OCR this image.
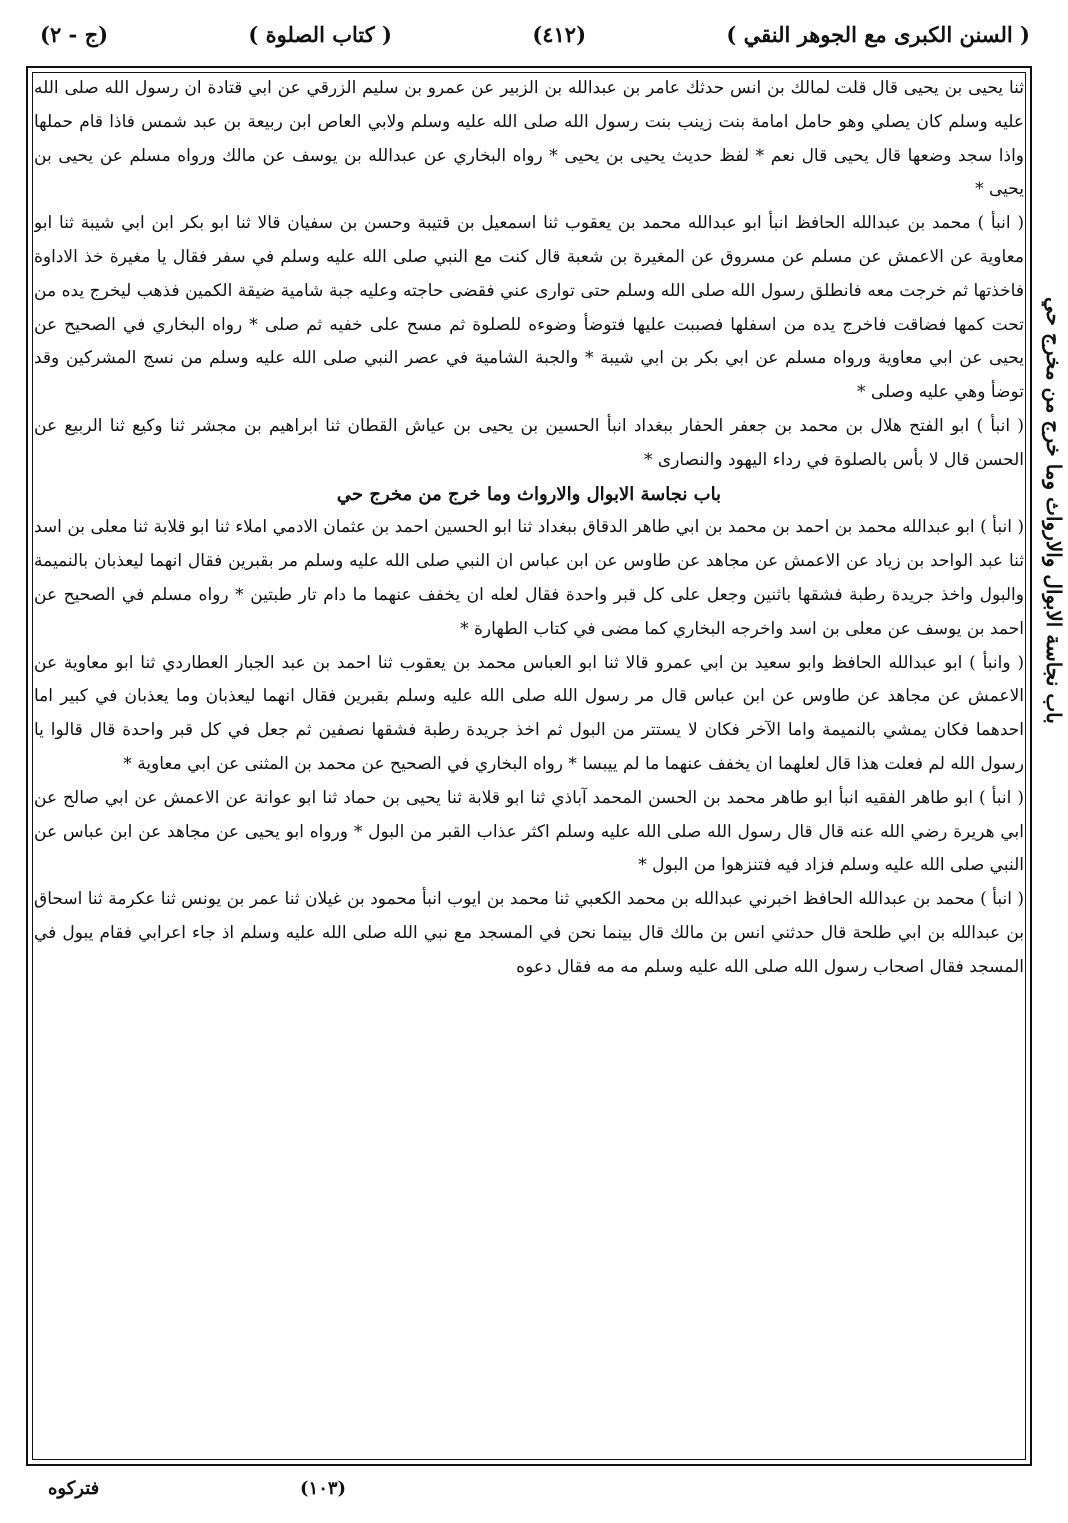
( السنن الكبرى مع الجوهر النقي )
(٤١٢)
( كتاب الصلوة )
(ج - ٢)
باب نجاسة الابوال والارواث وما خرج من مخرج حي

ثنا يحيى بن يحيى قال قلت لمالك بن انس حدثك عامر بن عبدالله بن الزبير عن عمرو بن سليم الزرقي عن ابي قتادة ان رسول الله صلى الله عليه وسلم كان يصلي وهو حامل امامة بنت زينب بنت رسول الله صلى الله عليه وسلم ولابي العاص ابن ربيعة بن عبد شمس فاذا قام حملها واذا سجد وضعها قال يحيى قال نعم * لفظ حديث يحيى بن يحيى * رواه البخاري عن عبدالله بن يوسف عن مالك ورواه مسلم عن يحيى بن يحيى *

( انبأ ) محمد بن عبدالله الحافظ انبأ ابو عبدالله محمد بن يعقوب ثنا اسمعيل بن قتيبة وحسن بن سفيان قالا ثنا ابو بكر ابن ابي شيبة ثنا ابو معاوية عن الاعمش عن مسلم عن مسروق عن المغيرة بن شعبة قال كنت مع النبي صلى الله عليه وسلم في سفر فقال يا مغيرة خذ الاداوة فاخذتها ثم خرجت معه فانطلق رسول الله صلى الله وسلم حتى توارى عني فقضى حاجته وعليه جبة شامية ضيقة الكمين فذهب ليخرج يده من تحت كمها فضاقت فاخرج يده من اسفلها فصببت عليها فتوضأ وضوءه للصلوة ثم مسح على خفيه ثم صلى * رواه البخاري في الصحيح عن يحيى عن ابي معاوية ورواه مسلم عن ابي بكر بن ابي شيبة * والجبة الشامية في عصر النبي صلى الله عليه وسلم من نسج المشركين وقد توضأ وهي عليه وصلى *

( انبأ ) ابو الفتح هلال بن محمد بن جعفر الحفار ببغداد انبأ الحسين بن يحيى بن عياش القطان ثنا ابراهيم بن مجشر ثنا وكيع ثنا الربيع عن الحسن قال لا بأس بالصلوة في رداء اليهود والنصارى *

باب نجاسة الابوال والارواث وما خرج من مخرج حي

( انبأ ) ابو عبدالله محمد بن احمد بن محمد بن ابي طاهر الدقاق ببغداد ثنا ابو الحسين احمد بن عثمان الادمي املاء ثنا ابو قلابة ثنا معلى بن اسد ثنا عبد الواحد بن زياد عن الاعمش عن مجاهد عن طاوس عن ابن عباس ان النبي صلى الله عليه وسلم مر بقبرين فقال انهما ليعذبان بالنميمة والبول واخذ جريدة رطبة فشقها باثنين وجعل على كل قبر واحدة فقال لعله ان يخفف عنهما ما دام تار طبتين * رواه مسلم في الصحيح عن احمد بن يوسف عن معلى بن اسد واخرجه البخاري كما مضى في كتاب الطهارة *

( وانبأ ) ابو عبدالله الحافظ وابو سعيد بن ابي عمرو قالا ثنا ابو العباس محمد بن يعقوب ثنا احمد بن عبد الجبار العطاردي ثنا ابو معاوية عن الاعمش عن مجاهد عن طاوس عن ابن عباس قال مر رسول الله صلى الله عليه وسلم بقبرين فقال انهما ليعذبان وما يعذبان في كبير اما احدهما فكان يمشي بالنميمة واما الآخر فكان لا يستتر من البول ثم اخذ جريدة رطبة فشقها نصفين ثم جعل في كل قبر واحدة قال قالوا يا رسول الله لم فعلت هذا قال لعلهما ان يخفف عنهما ما لم ييبسا * رواه البخاري في الصحيح عن محمد بن المثنى عن ابي معاوية *

( انبأ ) ابو طاهر الفقيه انبأ ابو طاهر محمد بن الحسن المحمد آباذي ثنا ابو قلابة ثنا يحيى بن حماد ثنا ابو عوانة عن الاعمش عن ابي صالح عن ابي هريرة رضي الله عنه قال قال رسول الله صلى الله عليه وسلم اكثر عذاب القبر من البول * ورواه ابو يحيى عن مجاهد عن ابن عباس عن النبي صلى الله عليه وسلم فزاد فيه فتنزهوا من البول *

( انبأ ) محمد بن عبدالله الحافظ اخبرني عبدالله بن محمد الكعبي ثنا محمد بن ايوب انبأ محمود بن غيلان ثنا عمر بن يونس ثنا عكرمة ثنا اسحاق بن عبدالله بن ابي طلحة قال حدثني انس بن مالك قال بينما نحن في المسجد مع نبي الله صلى الله عليه وسلم اذ جاء اعرابي فقام يبول في المسجد فقال اصحاب رسول الله صلى الله عليه وسلم مه مه فقال دعوه

فتركوه	(١٠٣)
